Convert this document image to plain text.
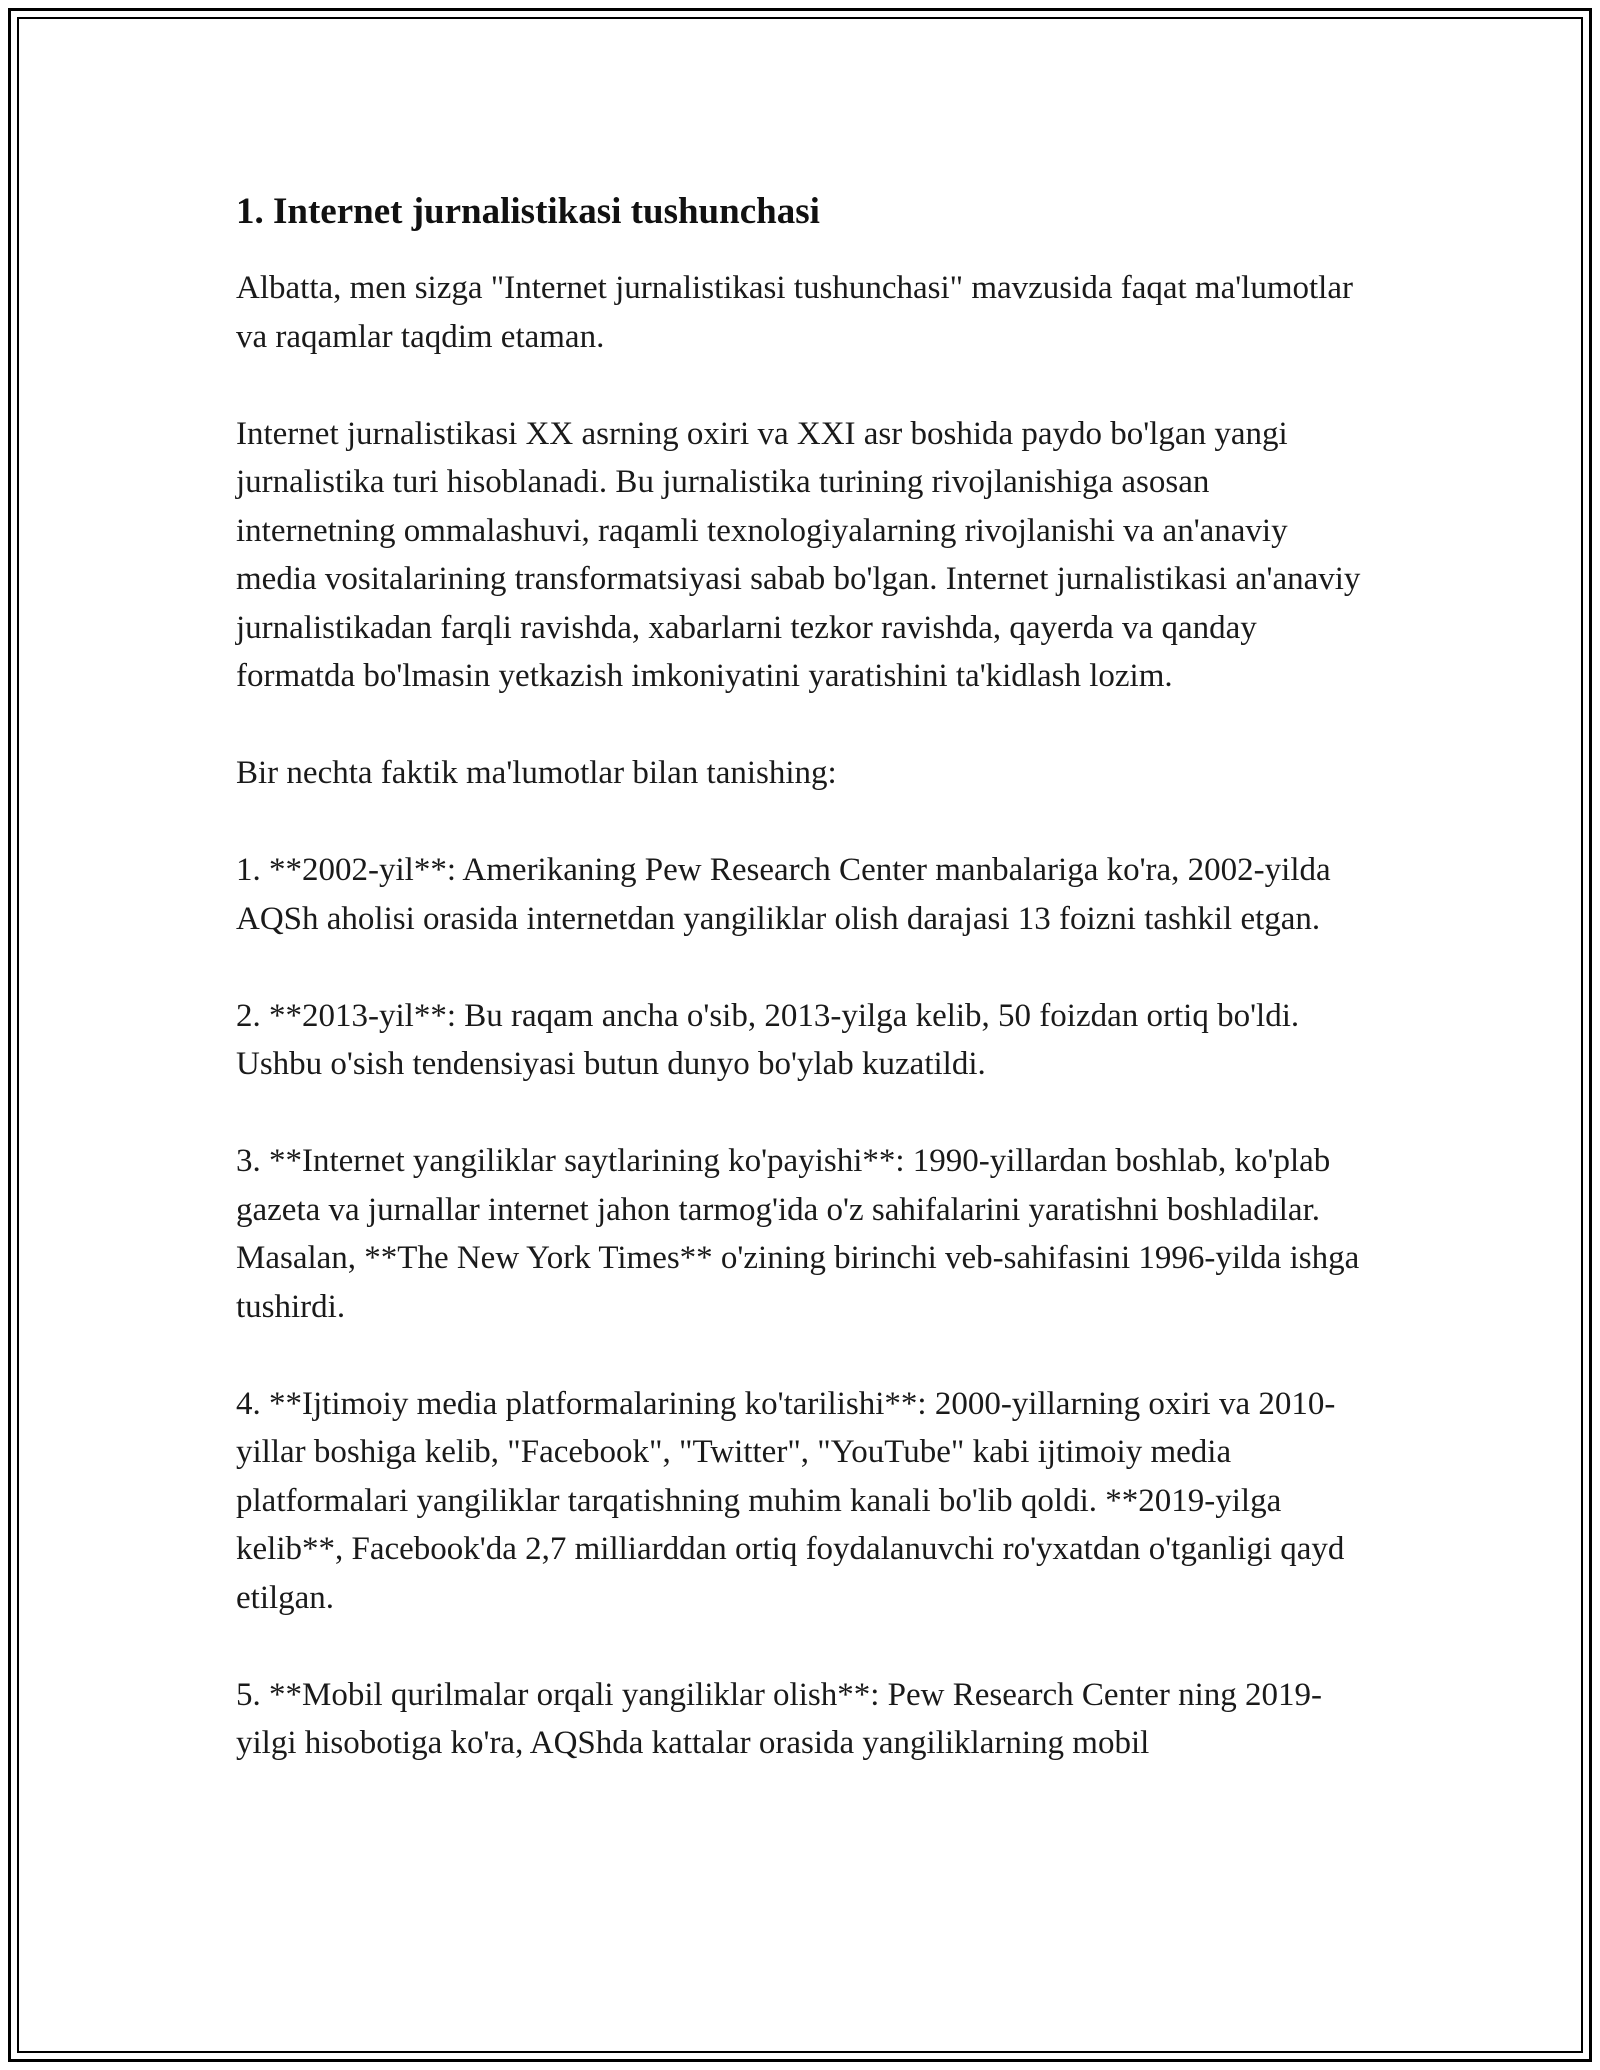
1. Internet jurnalistikasi tushunchasi

Albatta, men sizga "Internet jurnalistikasi tushunchasi" mavzusida faqat ma'lumotlar va raqamlar taqdim etaman.

Internet jurnalistikasi XX asrning oxiri va XXI asr boshida paydo bo'lgan yangi jurnalistika turi hisoblanadi. Bu jurnalistika turining rivojlanishiga asosan internetning ommalashuvi, raqamli texnologiyalarning rivojlanishi va an'anaviy media vositalarining transformatsiyasi sabab bo'lgan. Internet jurnalistikasi an'anaviy jurnalistikadan farqli ravishda, xabarlarni tezkor ravishda, qayerda va qanday formatda bo'lmasin yetkazish imkoniyatini yaratishini ta'kidlash lozim.

Bir nechta faktik ma'lumotlar bilan tanishing:

1. **2002-yil**: Amerikaning Pew Research Center manbalariga ko'ra, 2002-yilda AQSh aholisi orasida internetdan yangiliklar olish darajasi 13 foizni tashkil etgan.

2. **2013-yil**: Bu raqam ancha o'sib, 2013-yilga kelib, 50 foizdan ortiq bo'ldi. Ushbu o'sish tendensiyasi butun dunyo bo'ylab kuzatildi.

3. **Internet yangiliklar saytlarining ko'payishi**: 1990-yillardan boshlab, ko'plab gazeta va jurnallar internet jahon tarmog'ida o'z sahifalarini yaratishni boshladilar. Masalan, **The New York Times** o'zining birinchi veb-sahifasini 1996-yilda ishga tushirdi.

4. **Ijtimoiy media platformalarining ko'tarilishi**: 2000-yillarning oxiri va 2010-yillar boshiga kelib, "Facebook", "Twitter", "YouTube" kabi ijtimoiy media platformalari yangiliklar tarqatishning muhim kanali bo'lib qoldi. **2019-yilga kelib**, Facebook'da 2,7 milliarddan ortiq foydalanuvchi ro'yxatdan o'tganligi qayd etilgan.

5. **Mobil qurilmalar orqali yangiliklar olish**: Pew Research Center ning 2019-yilgi hisobotiga ko'ra, AQShda kattalar orasida yangiliklarning mobil
